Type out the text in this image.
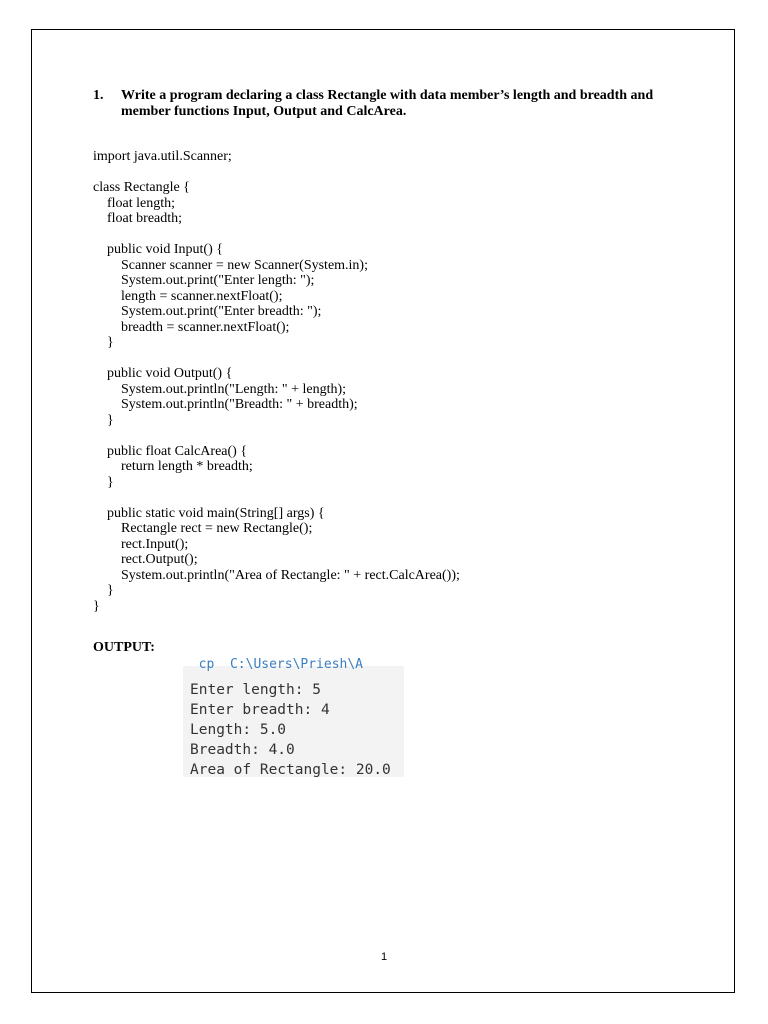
1. Write a program declaring a class Rectangle with data member’s length and breadth and member functions Input, Output and CalcArea.
import java.util.Scanner;
class Rectangle {
float length;
float breadth;
public void Input() {
Scanner scanner = new Scanner(System.in);
System.out.print("Enter length: ");
length = scanner.nextFloat();
System.out.print("Enter breadth: ");
breadth = scanner.nextFloat();
}
public void Output() {
System.out.println("Length: " + length);
System.out.println("Breadth: " + breadth);
}
public float CalcArea() {
return length * breadth;
}
public static void main(String[] args) {
Rectangle rect = new Rectangle();
rect.Input();
rect.Output();
System.out.println("Area of Rectangle: " + rect.CalcArea());
}
}
OUTPUT:
cp  C:\Users\Priesh\A
Enter length: 5
Enter breadth: 4
Length: 5.0
Breadth: 4.0
Area of Rectangle: 20.0
1
